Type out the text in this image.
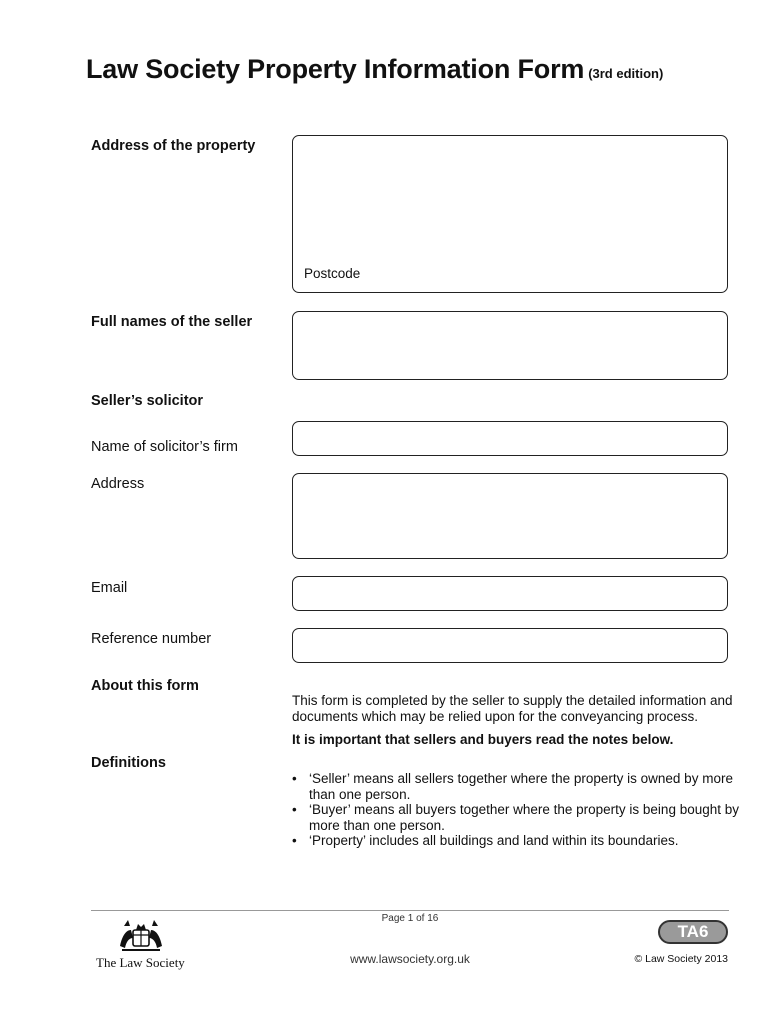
Law Society Property Information Form (3rd edition)
Address of the property
Postcode
Full names of the seller
Seller’s solicitor
Name of solicitor’s firm
Address
Email
Reference number
About this form
This form is completed by the seller to supply the detailed information and documents which may be relied upon for the conveyancing process.
It is important that sellers and buyers read the notes below.
Definitions
• ‘Seller’ means all sellers together where the property is owned by more than one person.
• ‘Buyer’ means all buyers together where the property is being bought by more than one person.
• ‘Property’ includes all buildings and land within its boundaries.
Page 1 of 16
The Law Society	www.lawsociety.org.uk
TA6
© Law Society 2013
